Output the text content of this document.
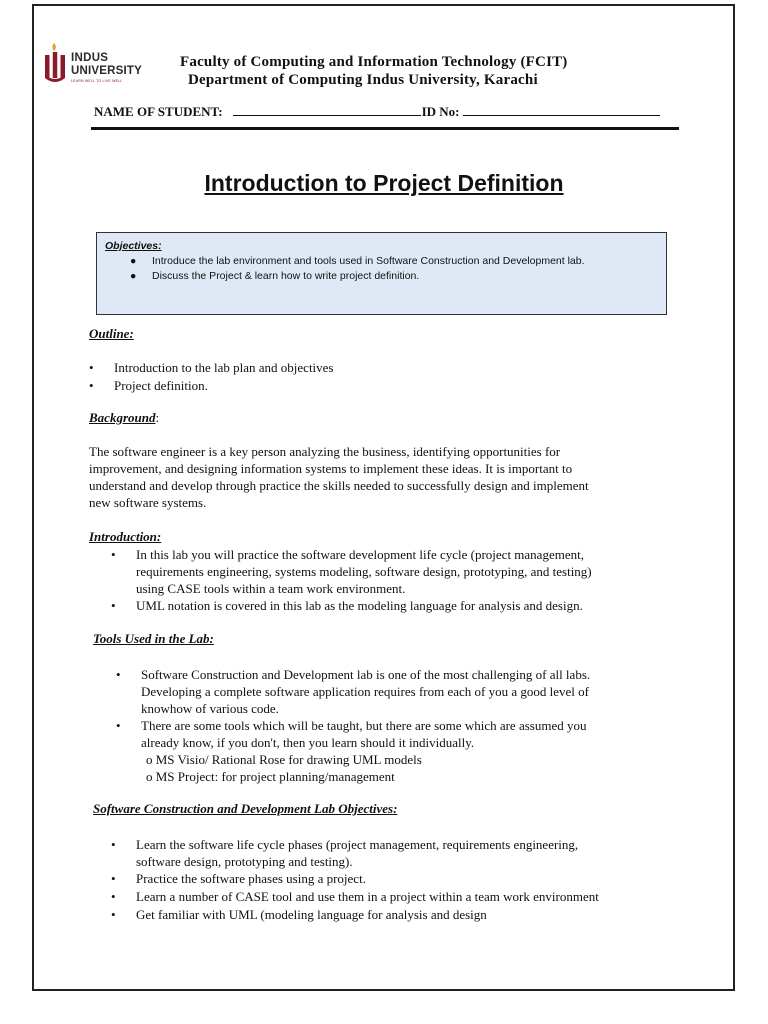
INDUS
UNIVERSITY
LEARN WELL TO LIVE WELL
Faculty of Computing and Information Technology (FCIT)
Department of Computing Indus University, Karachi
NAME OF STUDENT:	ID No:
Introduction to Project Definition
Objectives:
● Introduce the lab environment and tools used in Software Construction and Development lab.
● Discuss the Project & learn how to write project definition.
Outline:
• Introduction to the lab plan and objectives
• Project definition.
Background:
The software engineer is a key person analyzing the business, identifying opportunities for
improvement, and designing information systems to implement these ideas. It is important to
understand and develop through practice the skills needed to successfully design and implement
new software systems.
Introduction:
• In this lab you will practice the software development life cycle (project management,
requirements engineering, systems modeling, software design, prototyping, and testing)
using CASE tools within a team work environment.
• UML notation is covered in this lab as the modeling language for analysis and design.
Tools Used in the Lab:
• Software Construction and Development lab is one of the most challenging of all labs.
Developing a complete software application requires from each of you a good level of
knowhow of various code.
• There are some tools which will be taught, but there are some which are assumed you
already know, if you don't, then you learn should it individually.
o MS Visio/ Rational Rose for drawing UML models
o MS Project: for project planning/management
Software Construction and Development Lab Objectives:
• Learn the software life cycle phases (project management, requirements engineering,
software design, prototyping and testing).
• Practice the software phases using a project.
• Learn a number of CASE tool and use them in a project within a team work environment
• Get familiar with UML (modeling language for analysis and design
